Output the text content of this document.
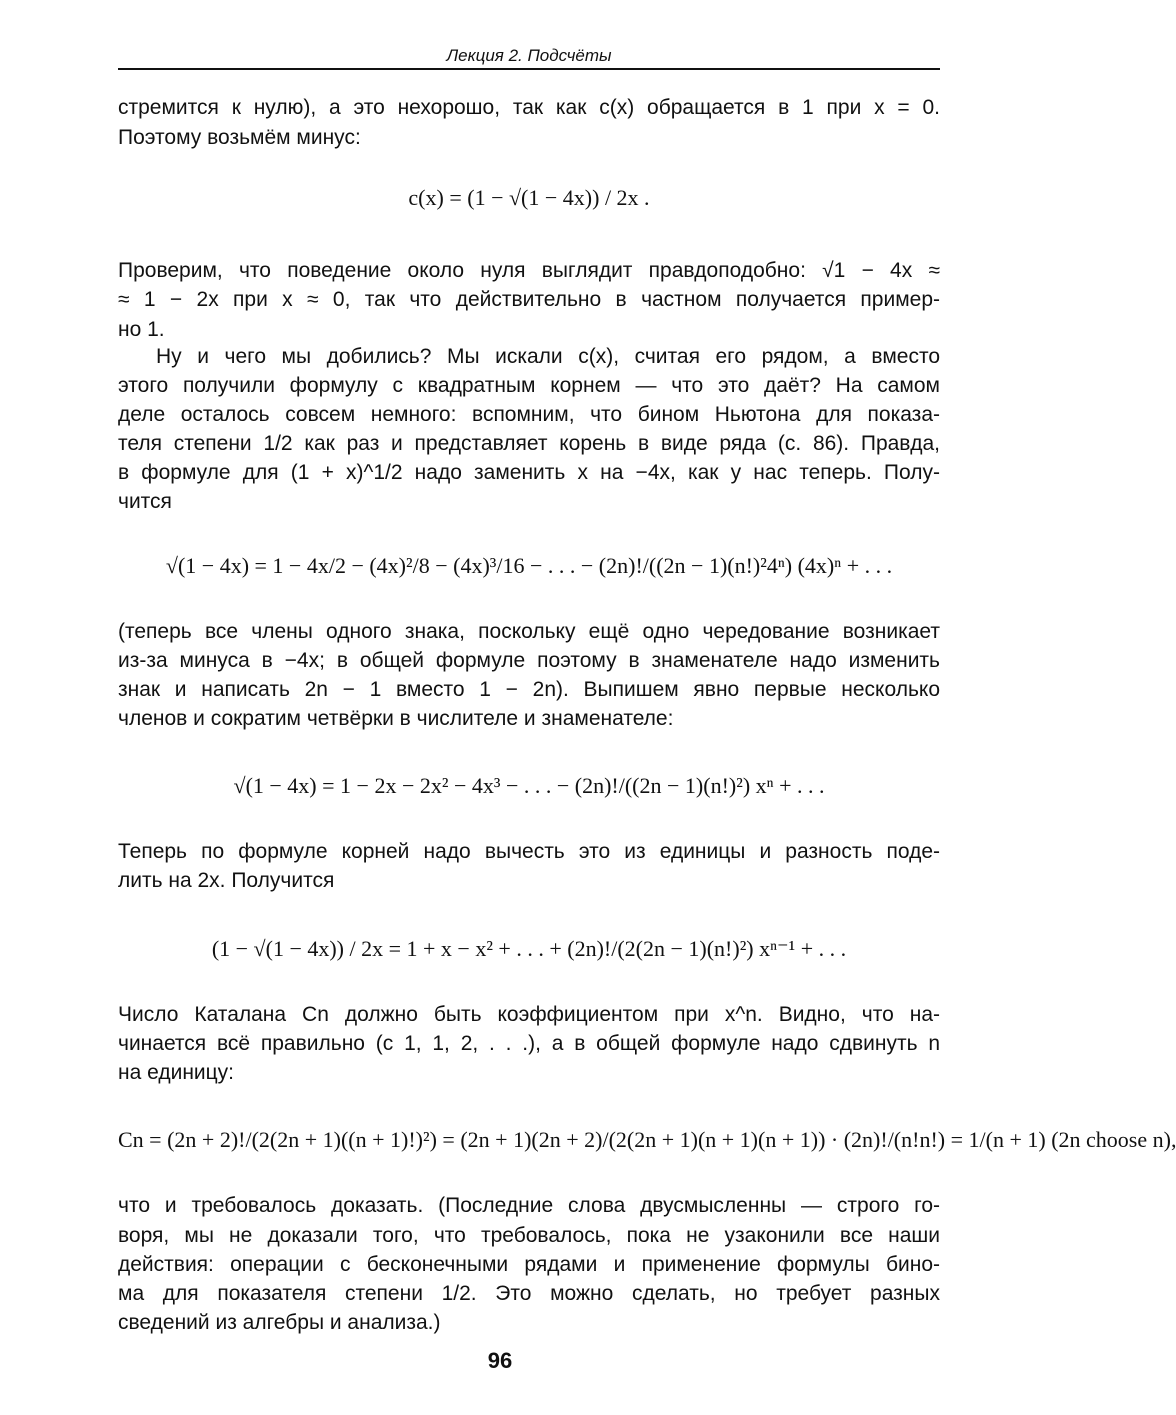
Лекция 2. Подсчёты
стремится к нулю), а это нехорошо, так как c(x) обращается в 1 при x = 0.
Поэтому возьмём минус:
c(x) = (1 − √(1 − 4x)) / 2x .
Проверим, что поведение около нуля выглядит правдоподобно: √1 − 4x ≈
≈ 1 − 2x при x ≈ 0, так что действительно в частном получается пример-
но 1.
Ну и чего мы добились? Мы искали c(x), считая его рядом, а вместо
этого получили формулу с квадратным корнем — что это даёт? На самом
деле осталось совсем немного: вспомним, что бином Ньютона для показа-
теля степени 1/2 как раз и представляет корень в виде ряда (с. 86). Правда,
в формуле для (1 + x)^1/2 надо заменить x на −4x, как у нас теперь. Полу-
чится
√(1 − 4x) = 1 − 4x/2 − (4x)²/8 − (4x)³/16 − . . . − (2n)!/((2n − 1)(n!)²4ⁿ) (4x)ⁿ + . . .
(теперь все члены одного знака, поскольку ещё одно чередование возникает
из-за минуса в −4x; в общей формуле поэтому в знаменателе надо изменить
знак и написать 2n − 1 вместо 1 − 2n). Выпишем явно первые несколько
членов и сократим четвёрки в числителе и знаменателе:
√(1 − 4x) = 1 − 2x − 2x² − 4x³ − . . . − (2n)!/((2n − 1)(n!)²) xⁿ + . . .
Теперь по формуле корней надо вычесть это из единицы и разность поде-
лить на 2x. Получится
(1 − √(1 − 4x)) / 2x = 1 + x − x² + . . . + (2n)!/(2(2n − 1)(n!)²) xⁿ⁻¹ + . . .
Число Каталана Cn должно быть коэффициентом при x^n. Видно, что на-
чинается всё правильно (с 1, 1, 2, . . .), а в общей формуле надо сдвинуть n
на единицу:
Cn = (2n + 2)!/(2(2n + 1)((n + 1)!)²) = (2n + 1)(2n + 2)/(2(2n + 1)(n + 1)(n + 1)) · (2n)!/(n!n!) = 1/(n + 1) (2n choose n),
что и требовалось доказать. (Последние слова двусмысленны — строго го-
воря, мы не доказали того, что требовалось, пока не узаконили все наши
действия: операции с бесконечными рядами и применение формулы бино-
ма для показателя степени 1/2. Это можно сделать, но требует разных
сведений из алгебры и анализа.)
96
